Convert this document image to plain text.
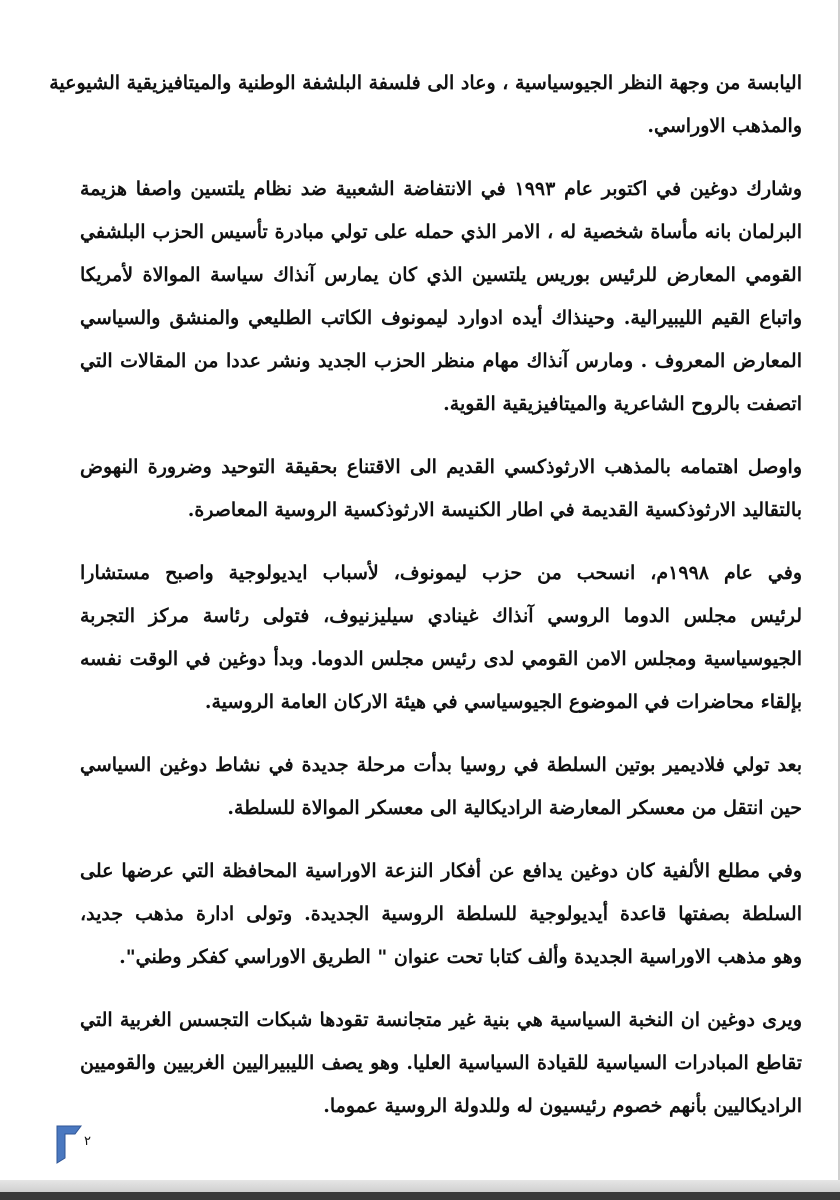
اليابسة من وجهة النظر الجيوسياسية ، وعاد الى فلسفة البلشفة الوطنية والميتافيزيقية الشيوعية
والمذهب الاوراسي.
وشارك دوغين في اكتوبر عام ١٩٩٣ في الانتفاضة الشعبية ضد نظام يلتسين واصفا هزيمة
البرلمان بانه مأساة شخصية له ، الامر الذي حمله على تولي مبادرة تأسيس الحزب البلشفي
القومي المعارض للرئيس بوريس يلتسين الذي كان يمارس آنذاك سياسة الموالاة لأمريكا
واتباع القيم الليبيرالية. وحينذاك أيده ادوارد ليمونوف الكاتب الطليعي والمنشق والسياسي
المعارض المعروف . ومارس آنذاك مهام منظر الحزب الجديد ونشر عددا من المقالات التي
اتصفت بالروح الشاعرية والميتافيزيقية القوية.
واوصل اهتمامه بالمذهب الارثوذكسي القديم الى الاقتناع بحقيقة التوحيد وضرورة النهوض
بالتقاليد الارثوذكسية القديمة في اطار الكنيسة الارثوذكسية الروسية المعاصرة.
وفي عام ١٩٩٨م، انسحب من حزب ليمونوف، لأسباب ايديولوجية واصبح مستشارا
لرئيس مجلس الدوما الروسي آنذاك غينادي سيليزنيوف، فتولى رئاسة مركز التجربة
الجيوسياسية ومجلس الامن القومي لدى رئيس مجلس الدوما. وبدأ دوغين في الوقت نفسه
بإلقاء محاضرات في الموضوع الجيوسياسي في هيئة الاركان العامة الروسية.
بعد تولي فلاديمير بوتين السلطة في روسيا بدأت مرحلة جديدة في نشاط دوغين السياسي
حين انتقل من معسكر المعارضة الراديكالية الى معسكر الموالاة للسلطة.
وفي مطلع الألفية كان دوغين يدافع عن أفكار النزعة الاوراسية المحافظة التي عرضها على
السلطة بصفتها قاعدة أيديولوجية للسلطة الروسية الجديدة. وتولى ادارة مذهب جديد،
وهو مذهب الاوراسية الجديدة وألف كتابا تحت عنوان " الطريق الاوراسي كفكر وطني".
ويرى دوغين ان النخبة السياسية هي بنية غير متجانسة تقودها شبكات التجسس الغربية التي
تقاطع المبادرات السياسية للقيادة السياسية العليا. وهو يصف الليبيراليين الغربيين والقوميين
الراديكاليين بأنهم خصوم رئيسيون له وللدولة الروسية عموما.
٢
